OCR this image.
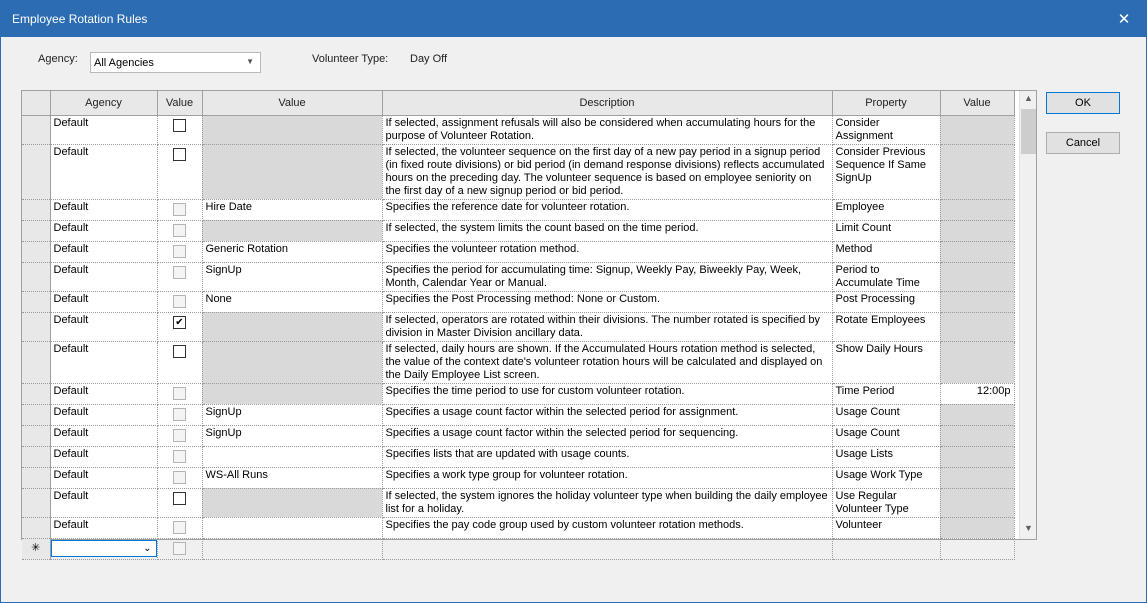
Employee Rotation Rules	✕
Agency: All Agencies	▼	Volunteer Type: Day Off
	Agency	Value	Value	Description	Property	Value
	Default			If selected, assignment refusals will also be considered when accumulating hours for the purpose of Volunteer Rotation.	Consider Assignment	
	Default			If selected, the volunteer sequence on the first day of a new pay period in a signup period (in fixed route divisions) or bid period (in demand response divisions) reflects accumulated hours on the preceding day. The volunteer sequence is based on employee seniority on the first day of a new signup period or bid period.	Consider Previous Sequence If Same SignUp	
	Default		Hire Date	Specifies the reference date for volunteer rotation.	Employee	
	Default			If selected, the system limits the count based on the time period.	Limit Count	
	Default		Generic Rotation	Specifies the volunteer rotation method.	Method	
	Default		SignUp	Specifies the period for accumulating time: Signup, Weekly Pay, Biweekly Pay, Week, Month, Calendar Year or Manual.	Period to Accumulate Time	
	Default		None	Specifies the Post Processing method: None or Custom.	Post Processing	
	Default	✔		If selected, operators are rotated within their divisions. The number rotated is specified by division in Master Division ancillary data.	Rotate Employees	
	Default			If selected, daily hours are shown. If the Accumulated Hours rotation method is selected, the value of the context date's volunteer rotation hours will be calculated and displayed on the Daily Employee List screen.	Show Daily Hours	
	Default			Specifies the time period to use for custom volunteer rotation.	Time Period	12:00p
	Default		SignUp	Specifies a usage count factor within the selected period for assignment.	Usage Count	
	Default		SignUp	Specifies a usage count factor within the selected period for sequencing.	Usage Count	
	Default			Specifies lists that are updated with usage counts.	Usage Lists	
	Default		WS-All Runs	Specifies a work type group for volunteer rotation.	Usage Work Type	
	Default			If selected, the system ignores the holiday volunteer type when building the daily employee list for a holiday.	Use Regular Volunteer Type	
	Default			Specifies the pay code group used by custom volunteer rotation methods.	Volunteer	
✳	⌄					

▲
▼
OK
Cancel
